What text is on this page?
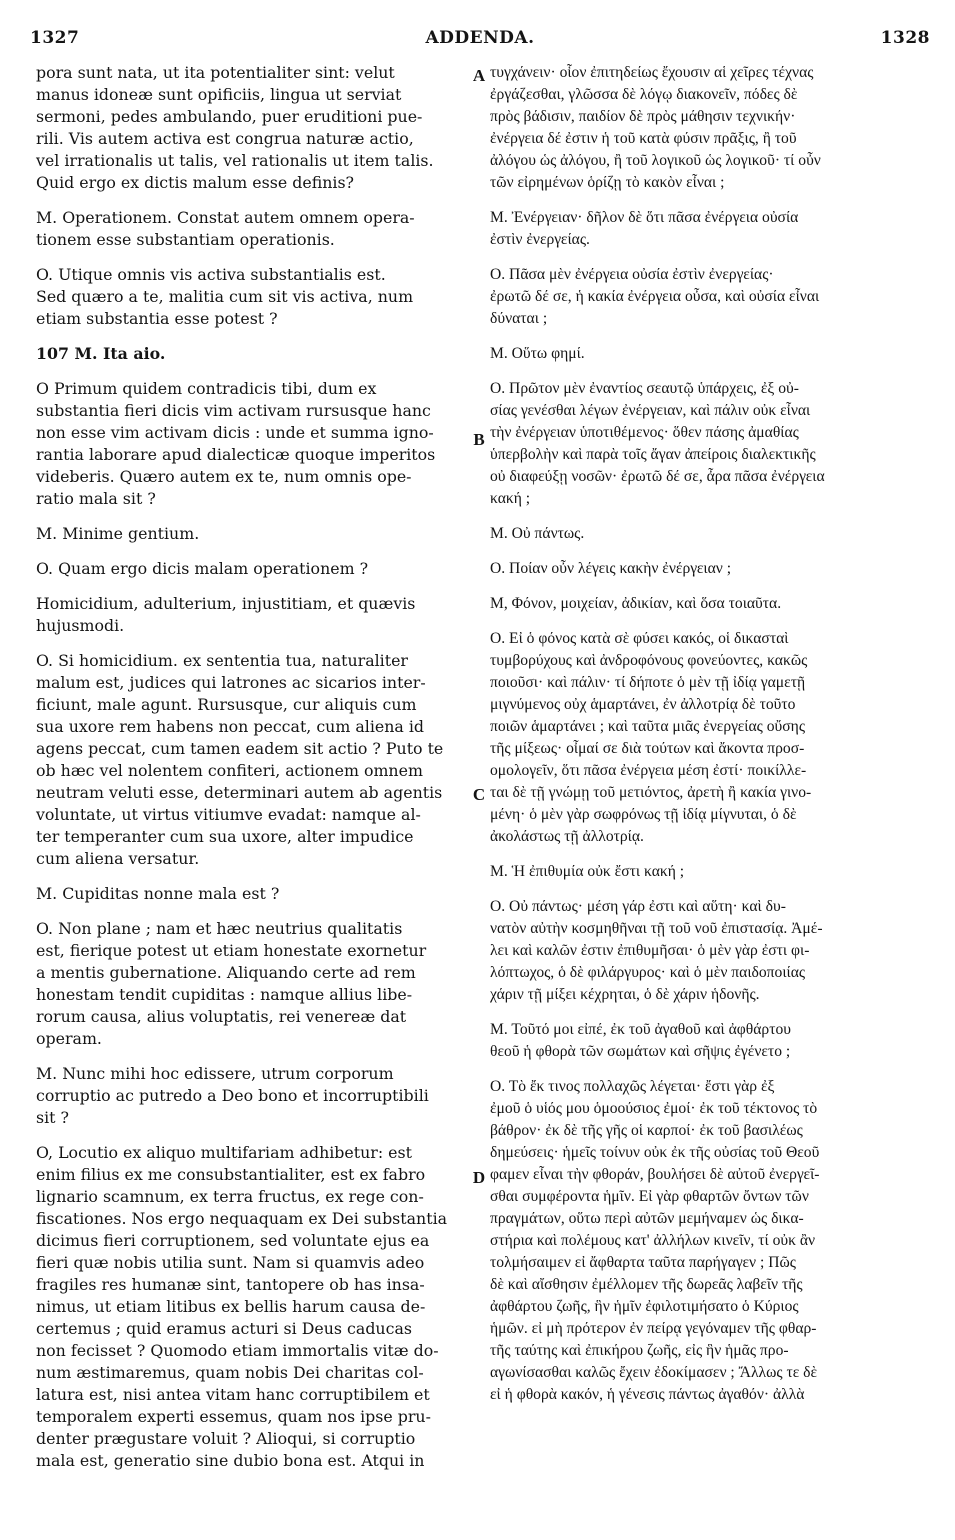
1327	ADDENDA.	1328

pora sunt nata, ut ita potentialiter sint: velut
manus idoneæ sunt opificiis, lingua ut serviat
sermoni, pedes ambulando, puer eruditioni pue-
rili. Vis autem activa est congrua naturæ actio,
vel irrationalis ut talis, vel rationalis ut item talis.
Quid ergo ex dictis malum esse definis?

M. Operationem. Constat autem omnem opera-
tionem esse substantiam operationis.

O. Utique omnis vis activa substantialis est.
Sed quæro a te, malitia cum sit vis activa, num
etiam substantia esse potest ?

107 M. Ita aio.

O Primum quidem contradicis tibi, dum ex
substantia fieri dicis vim activam rursusque hanc
non esse vim activam dicis : unde et summa igno-
rantia laborare apud dialecticæ quoque imperitos
videberis. Quæro autem ex te, num omnis ope-
ratio mala sit ?

M. Minime gentium.

O. Quam ergo dicis malam operationem ?

Homicidium, adulterium, injustitiam, et quævis
hujusmodi.

O. Si homicidium. ex sententia tua, naturaliter
malum est, judices qui latrones ac sicarios inter-
ficiunt, male agunt. Rursusque, cur aliquis cum
sua uxore rem habens non peccat, cum aliena id
agens peccat, cum tamen eadem sit actio ? Puto te
ob hæc vel nolentem confiteri, actionem omnem
neutram veluti esse, determinari autem ab agentis
voluntate, ut virtus vitiumve evadat: namque al-
ter temperanter cum sua uxore, alter impudice
cum aliena versatur.

M. Cupiditas nonne mala est ?

O. Non plane ; nam et hæc neutrius qualitatis
est, fierique potest ut etiam honestate exornetur
a mentis gubernatione. Aliquando certe ad rem
honestam tendit cupiditas : namque allius libe-
rorum causa, alius voluptatis, rei venereæ dat
operam.

M. Nunc mihi hoc edissere, utrum corporum
corruptio ac putredo a Deo bono et incorruptibili
sit ?

O, Locutio ex aliquo multifariam adhibetur: est
enim filius ex me consubstantialiter, est ex fabro
lignario scamnum, ex terra fructus, ex rege con-
fiscationes. Nos ergo nequaquam ex Dei substantia
dicimus fieri corruptionem, sed voluntate ejus ea
fieri quæ nobis utilia sunt. Nam si quamvis adeo
fragiles res humanæ sint, tantopere ob has insa-
nimus, ut etiam litibus ex bellis harum causa de-
certemus ; quid eramus acturi si Deus caducas
non fecisset ? Quomodo etiam immortalis vitæ do-
num æstimaremus, quam nobis Dei charitas col-
latura est, nisi antea vitam hanc corruptibilem et
temporalem experti essemus, quam nos ipse pru-
denter prægustare voluit ? Alioqui, si corruptio
mala est, generatio sine dubio bona est. Atqui in

A
B
C
D

τυγχάνειν· οἷον ἐπιτηδείως ἔχουσιν αἱ χεῖρες τέχνας
ἐργάζεσθαι, γλῶσσα δὲ λόγῳ διακονεῖν, πόδες δὲ
πρὸς βάδισιν, παιδίον δὲ πρὸς μάθησιν τεχνικήν·
ἐνέργεια δέ ἐστιν ἡ τοῦ κατὰ φύσιν πρᾶξις, ἢ τοῦ
ἀλόγου ὡς ἀλόγου, ἢ τοῦ λογικοῦ ὡς λογικοῦ· τί οὖν
τῶν εἰρημένων ὁρίζῃ τὸ κακὸν εἶναι ;

Μ. Ἐνέργειαν· δῆλον δὲ ὅτι πᾶσα ἐνέργεια οὐσία
ἐστὶν ἐνεργείας.

Ο. Πᾶσα μὲν ἐνέργεια οὐσία ἐστὶν ἐνεργείας·
ἐρωτῶ δέ σε, ἡ κακία ἐνέργεια οὖσα, καὶ οὐσία εἶναι
δύναται ;

Μ. Οὕτω φημί.

Ο. Πρῶτον μὲν ἐναντίος σεαυτῷ ὑπάρχεις, ἐξ οὐ-
σίας γενέσθαι λέγων ἐνέργειαν, καὶ πάλιν οὐκ εἶναι
τὴν ἐνέργειαν ὑποτιθέμενος· ὅθεν πάσης ἀμαθίας
ὑπερβολὴν καὶ παρὰ τοῖς ἄγαν ἀπείροις διαλεκτικῆς
οὐ διαφεύξῃ νοσῶν· ἐρωτῶ δέ σε, ἆρα πᾶσα ἐνέργεια
κακή ;

Μ. Οὐ πάντως.

Ο. Ποίαν οὖν λέγεις κακὴν ἐνέργειαν ;

Μ, Φόνον, μοιχείαν, ἀδικίαν, καὶ ὅσα τοιαῦτα.

Ο. Εἰ ὁ φόνος κατὰ σὲ φύσει κακός, οἱ δικασταὶ
τυμβορύχους καὶ ἀνδροφόνους φονεύοντες, κακῶς
ποιοῦσι· καὶ πάλιν· τί δήποτε ὁ μὲν τῇ ἰδίᾳ γαμετῇ
μιγνύμενος οὐχ ἁμαρτάνει, ἐν ἀλλοτρίᾳ δὲ τοῦτο
ποιῶν ἁμαρτάνει ; καὶ ταῦτα μιᾶς ἐνεργείας οὔσης
τῆς μίξεως· οἶμαί σε διὰ τούτων καὶ ἄκοντα προσ-
ομολογεῖν, ὅτι πᾶσα ἐνέργεια μέση ἐστί· ποικίλλε-
ται δὲ τῇ γνώμῃ τοῦ μετιόντος, ἀρετὴ ἢ κακία γινο-
μένη· ὁ μὲν γὰρ σωφρόνως τῇ ἰδίᾳ μίγνυται, ὁ δὲ
ἀκολάστως τῇ ἀλλοτρίᾳ.

Μ. Ἡ ἐπιθυμία οὐκ ἔστι κακή ;

Ο. Οὐ πάντως· μέση γάρ ἐστι καὶ αὕτη· καὶ δυ-
νατὸν αὐτὴν κοσμηθῆναι τῇ τοῦ νοῦ ἐπιστασίᾳ. Ἀμέ-
λει καὶ καλῶν ἐστιν ἐπιθυμῆσαι· ὁ μὲν γὰρ ἐστι φι-
λόπτωχος, ὁ δὲ φιλάργυρος· καὶ ὁ μὲν παιδοποιίας
χάριν τῇ μίξει κέχρηται, ὁ δὲ χάριν ἡδονῆς.

Μ. Τοῦτό μοι εἰπέ, ἐκ τοῦ ἀγαθοῦ καὶ ἀφθάρτου
θεοῦ ἡ φθορὰ τῶν σωμάτων καὶ σῆψις ἐγένετο ;

Ο. Τὸ ἔκ τινος πολλαχῶς λέγεται· ἔστι γὰρ ἐξ
ἐμοῦ ὁ υἱός μου ὁμοούσιος ἐμοί· ἐκ τοῦ τέκτονος τὸ
βάθρον· ἐκ δὲ τῆς γῆς οἱ καρποί· ἐκ τοῦ βασιλέως
δημεύσεις· ἡμεῖς τοίνυν οὐκ ἐκ τῆς οὐσίας τοῦ Θεοῦ
φαμεν εἶναι τὴν φθοράν, βουλήσει δὲ αὐτοῦ ἐνεργεῖ-
σθαι συμφέροντα ἡμῖν. Εἰ γὰρ φθαρτῶν ὄντων τῶν
πραγμάτων, οὕτω περὶ αὐτῶν μεμήναμεν ὡς δικα-
στήρια καὶ πολέμους κατ' ἀλλήλων κινεῖν, τί οὐκ ἂν
τολμήσαιμεν εἰ ἄφθαρτα ταῦτα παρήγαγεν ; Πῶς
δὲ καὶ αἴσθησιν ἐμέλλομεν τῆς δωρεᾶς λαβεῖν τῆς
ἀφθάρτου ζωῆς, ἣν ἡμῖν ἐφιλοτιμήσατο ὁ Κύριος
ἡμῶν. εἰ μὴ πρότερον ἐν πείρᾳ γεγόναμεν τῆς φθαρ-
τῆς ταύτης καὶ ἐπικήρου ζωῆς, εἰς ἣν ἡμᾶς προ-
αγωνίσασθαι καλῶς ἔχειν ἐδοκίμασεν ; Ἄλλως τε δὲ
εἰ ἡ φθορὰ κακόν, ἡ γένεσις πάντως ἀγαθόν· ἀλλὰ
